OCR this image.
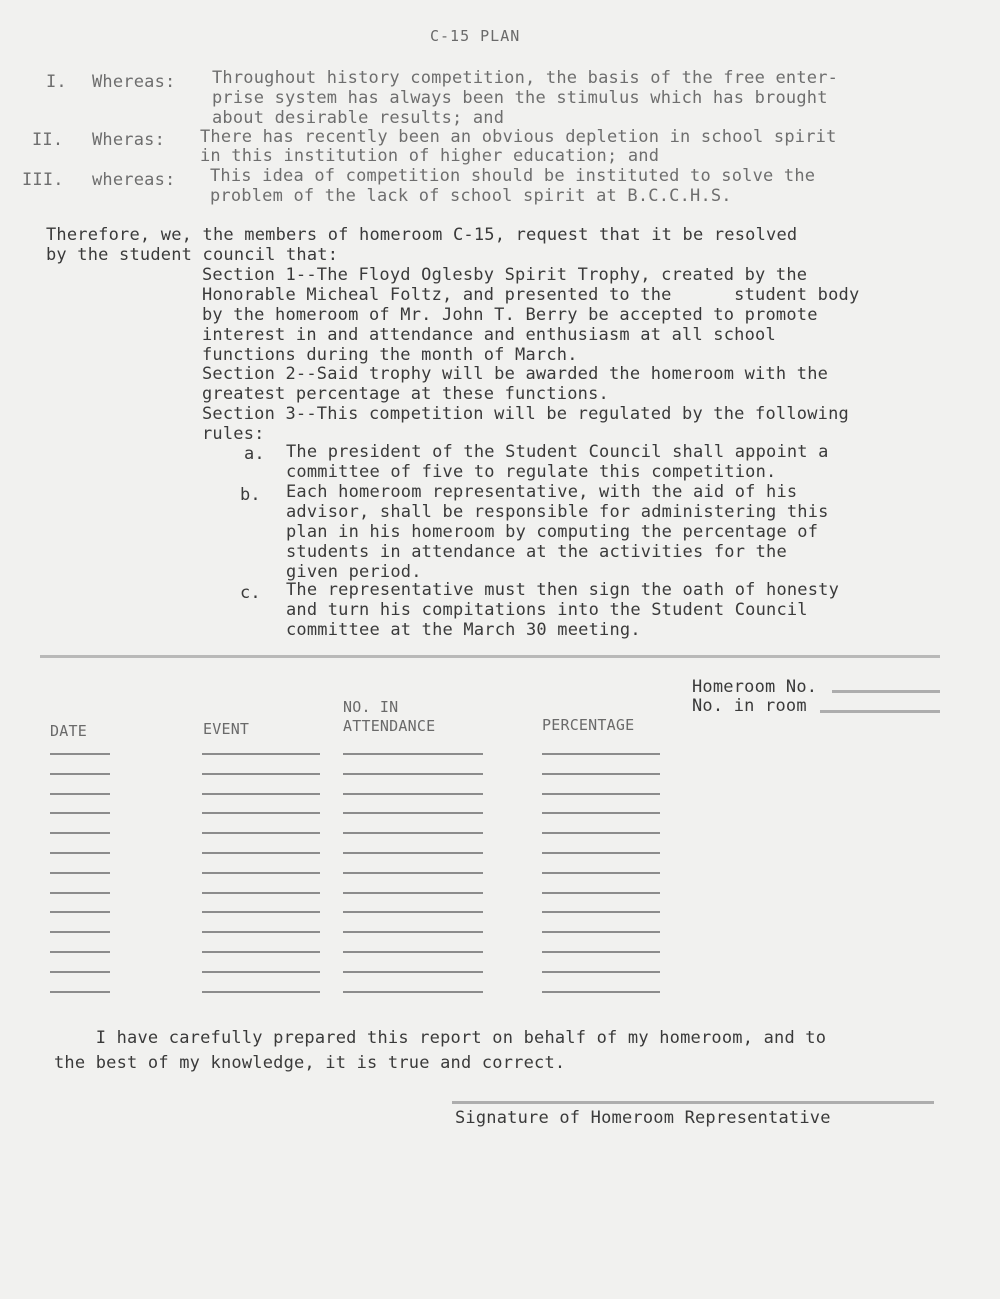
C-15 PLAN
I. Whereas: Throughout history competition, the basis of the free enter-
prise system has always been the stimulus which has brought
about desirable results; and
II. Wheras: There has recently been an obvious depletion in school spirit
in this institution of higher education; and
III. whereas: This idea of competition should be instituted to solve the
problem of the lack of school spirit at B.C.C.H.S.
Therefore, we, the members of homeroom C-15, request that it be resolved
by the student council that:
Section 1--The Floyd Oglesby Spirit Trophy, created by the
Honorable Micheal Foltz, and presented to the      student body
by the homeroom of Mr. John T. Berry be accepted to promote
interest in and attendance and enthusiasm at all school
functions during the month of March.
Section 2--Said trophy will be awarded the homeroom with the
greatest percentage at these functions.
Section 3--This competition will be regulated by the following
rules:
a. The president of the Student Council shall appoint a
committee of five to regulate this competition.
b. Each homeroom representative, with the aid of his
advisor, shall be responsible for administering this
plan in his homeroom by computing the percentage of
students in attendance at the activities for the
given period.
c. The representative must then sign the oath of honesty
and turn his compitations into the Student Council
committee at the March 30 meeting.
Homeroom No.
No. in room
DATE	EVENT
NO. IN
ATTENDANCE	PERCENTAGE
I have carefully prepared this report on behalf of my homeroom, and to
the best of my knowledge, it is true and correct.
Signature of Homeroom Representative
